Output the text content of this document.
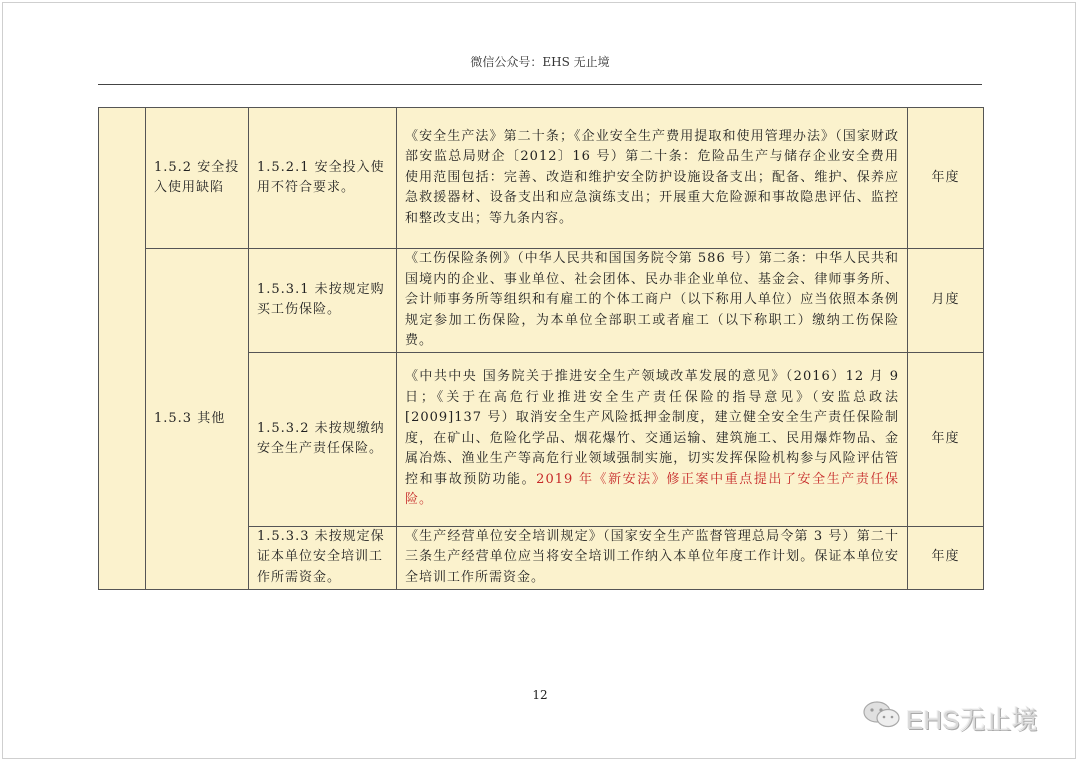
微信公众号：EHS 无止境
	1.5.2 安全投入使用缺陷	1.5.2.1 安全投入使用不符合要求。	《安全生产法》第二十条；《企业安全生产费用提取和使用管理办法》（国家财政部安监总局财企〔2012〕16 号）第二十条：危险品生产与储存企业安全费用使用范围包括：完善、改造和维护安全防护设施设备支出；配备、维护、保养应急救援器材、设备支出和应急演练支出；开展重大危险源和事故隐患评估、监控和整改支出；等九条内容。	年度
	1.5.3 其他	1.5.3.1 未按规定购买工伤保险。	《工伤保险条例》（中华人民共和国国务院令第 586 号）第二条：中华人民共和国境内的企业、事业单位、社会团体、民办非企业单位、基金会、律师事务所、会计师事务所等组织和有雇工的个体工商户（以下称用人单位）应当依照本条例规定参加工伤保险，为本单位全部职工或者雇工（以下称职工）缴纳工伤保险费。	月度
		1.5.3.2 未按规缴纳安全生产责任保险。	《中共中央 国务院关于推进安全生产领域改革发展的意见》（2016）12 月 9 日；《关于在高危行业推进安全生产责任保险的指导意见》（安监总政法[2009]137 号）取消安全生产风险抵押金制度，建立健全安全生产责任保险制度，在矿山、危险化学品、烟花爆竹、交通运输、建筑施工、民用爆炸物品、金属冶炼、渔业生产等高危行业领域强制实施，切实发挥保险机构参与风险评估管控和事故预防功能。2019 年《新安法》修正案中重点提出了安全生产责任保险。	年度
		1.5.3.3 未按规定保证本单位安全培训工作所需资金。	《生产经营单位安全培训规定》（国家安全生产监督管理总局令第 3 号）第二十三条生产经营单位应当将安全培训工作纳入本单位年度工作计划。保证本单位安全培训工作所需资金。	年度
12
EHS无止境
